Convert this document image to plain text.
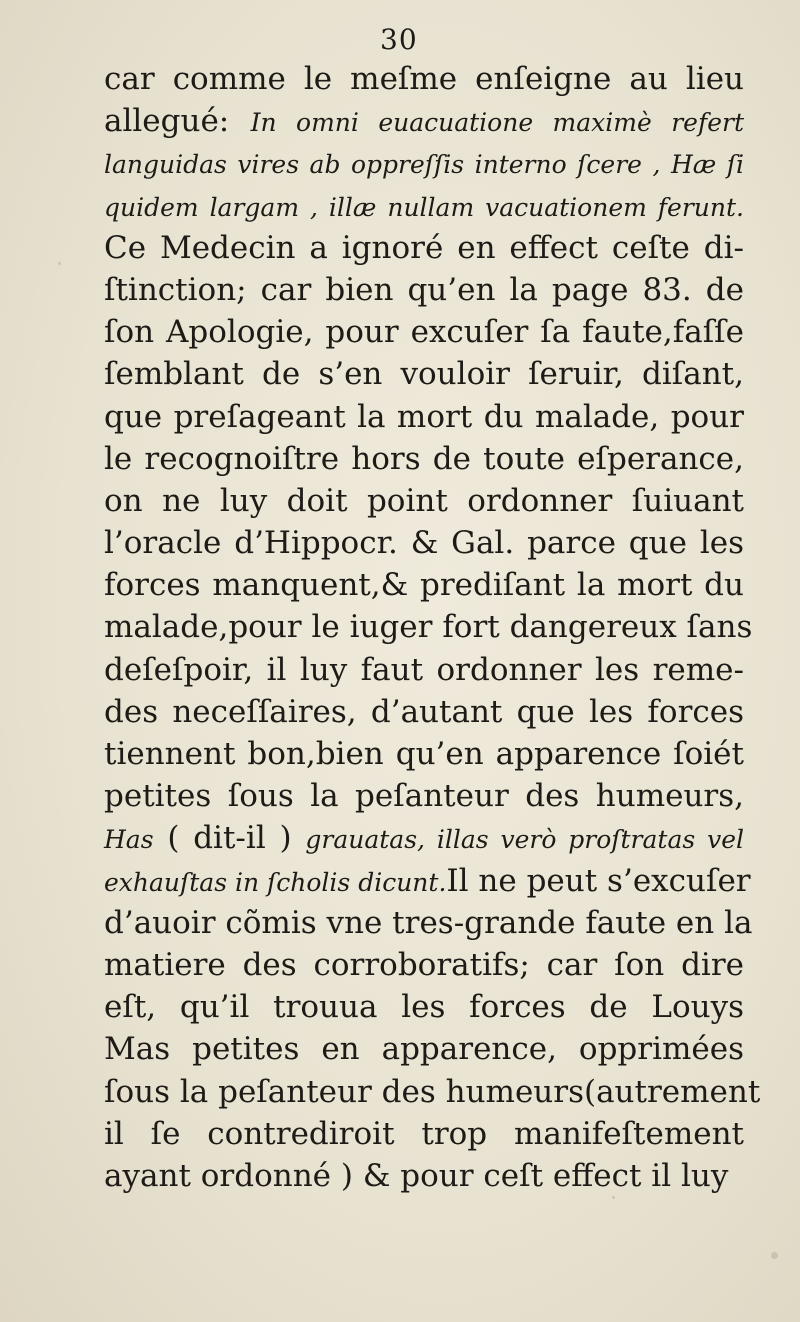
30
car comme le meſme enſeigne au lieu
allegué: In omni euacuatione maximè refert
languidas vires ab oppreſſis interno ſcere , Hæ ſi
quidem largam , illæ nullam vacuationem ferunt.
Ce Medecin a ignoré en effect ceſte di-
ſtinction; car bien qu’en la page 83. de
ſon Apologie, pour excuſer ſa faute,faſſe
ſemblant de s’en vouloir ſeruir, diſant,
que preſageant la mort du malade, pour
le recognoiſtre hors de toute eſperance,
on ne luy doit point ordonner ſuiuant
l’oracle d’Hippocr. & Gal. parce que les
forces manquent,& prediſant la mort du
malade,pour le iuger fort dangereux ſans
deſeſpoir, il luy faut ordonner les reme-
des neceſſaires, d’autant que les forces
tiennent bon,bien qu’en apparence ſoiét
petites ſous la peſanteur des humeurs,
Has ( dit-il ) grauatas, illas verò proſtratas vel
exhauſtas in ſcholis dicunt.Il ne peut s’excuſer
d’auoir cõmis vne tres-grande faute en la
matiere des corroboratifs; car ſon dire
eſt, qu’il trouua les forces de Louys
Mas petites en apparence, opprimées
ſous la peſanteur des humeurs(autrement
il ſe contrediroit trop manifeſtement
ayant ordonné ) & pour ceſt effect il luy
